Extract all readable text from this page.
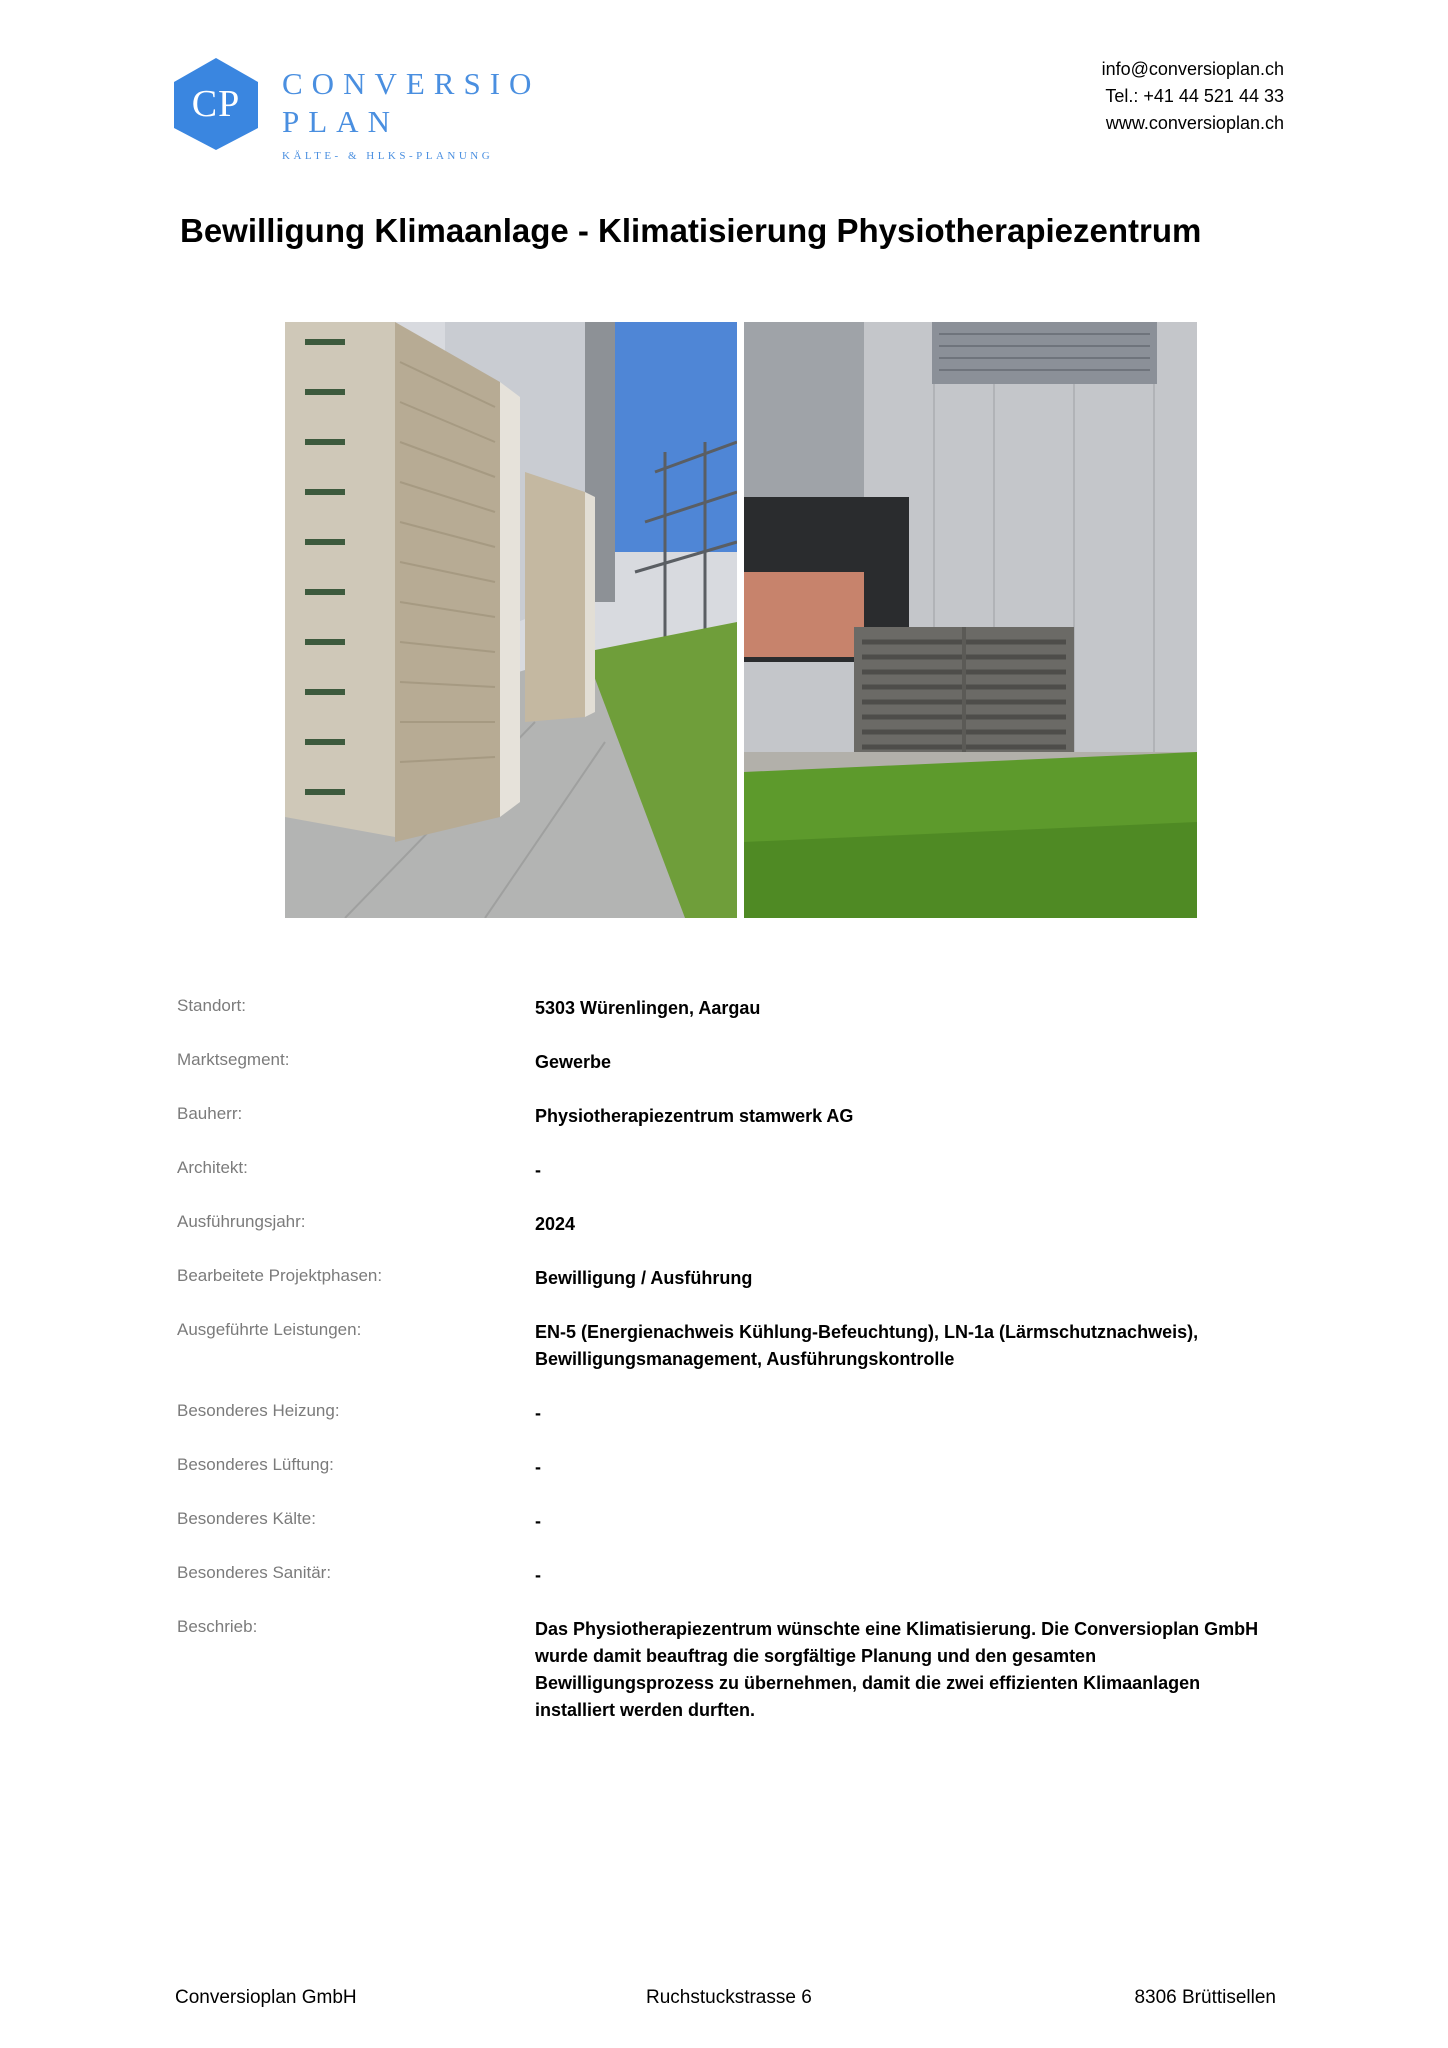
CP	CONVERSIO
PLAN
KÄLTE- & HLKS-PLANUNG
info@conversioplan.ch
Tel.: +41 44 521 44 33
www.conversioplan.ch
Bewilligung Klimaanlage - Klimatisierung Physiotherapiezentrum
Standort:	5303 Würenlingen, Aargau
Marktsegment:	Gewerbe
Bauherr:	Physiotherapiezentrum stamwerk AG
Architekt:	-
Ausführungsjahr:	2024
Bearbeitete Projektphasen:	Bewilligung / Ausführung
Ausgeführte Leistungen:	EN-5 (Energienachweis Kühlung-Befeuchtung), LN-1a (Lärmschutznachweis), Bewilligungsmanagement, Ausführungskontrolle
Besonderes Heizung:	-
Besonderes Lüftung:	-
Besonderes Kälte:	-
Besonderes Sanitär:	-
Beschrieb:	Das Physiotherapiezentrum wünschte eine Klimatisierung. Die Conversioplan GmbH wurde damit beauftrag die sorgfältige Planung und den gesamten Bewilligungsprozess zu übernehmen, damit die zwei effizienten Klimaanlagen installiert werden durften.
Conversioplan GmbH	Ruchstuckstrasse 6	8306 Brüttisellen
